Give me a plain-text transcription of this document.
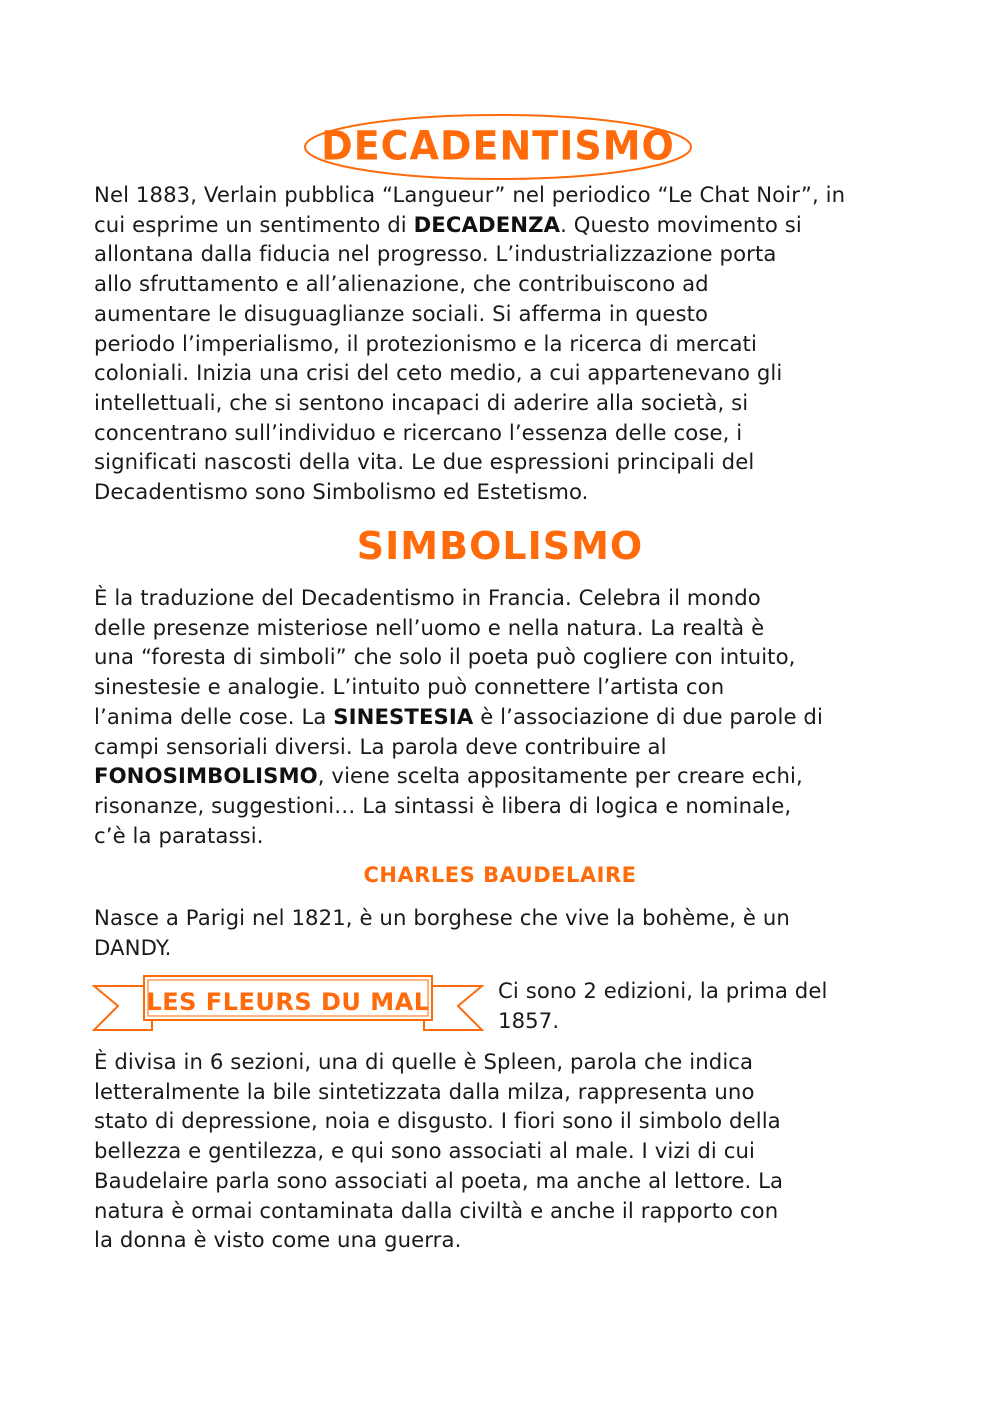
DECADENTISMO
Nel 1883, Verlain pubblica “Langueur” nel periodico “Le Chat Noir”, in
cui esprime un sentimento di DECADENZA. Questo movimento si
allontana dalla fiducia nel progresso. L’industrializzazione porta
allo sfruttamento e all’alienazione, che contribuiscono ad
aumentare le disuguaglianze sociali. Si afferma in questo
periodo l’imperialismo, il protezionismo e la ricerca di mercati
coloniali. Inizia una crisi del ceto medio, a cui appartenevano gli
intellettuali, che si sentono incapaci di aderire alla società, si
concentrano sull’individuo e ricercano l’essenza delle cose, i
significati nascosti della vita. Le due espressioni principali del
Decadentismo sono Simbolismo ed Estetismo.
SIMBOLISMO
È la traduzione del Decadentismo in Francia. Celebra il mondo
delle presenze misteriose nell’uomo e nella natura. La realtà è
una “foresta di simboli” che solo il poeta può cogliere con intuito,
sinestesie e analogie. L’intuito può connettere l’artista con
l’anima delle cose. La SINESTESIA è l’associazione di due parole di
campi sensoriali diversi. La parola deve contribuire al
FONOSIMBOLISMO, viene scelta appositamente per creare echi,
risonanze, suggestioni… La sintassi è libera di logica e nominale,
c’è la paratassi.
CHARLES BAUDELAIRE
Nasce a Parigi nel 1821, è un borghese che vive la bohème, è un
DANDY.
LES FLEURS DU MAL	Ci sono 2 edizioni, la prima del
1857.
È divisa in 6 sezioni, una di quelle è Spleen, parola che indica
letteralmente la bile sintetizzata dalla milza, rappresenta uno
stato di depressione, noia e disgusto. I fiori sono il simbolo della
bellezza e gentilezza, e qui sono associati al male. I vizi di cui
Baudelaire parla sono associati al poeta, ma anche al lettore. La
natura è ormai contaminata dalla civiltà e anche il rapporto con
la donna è visto come una guerra.
